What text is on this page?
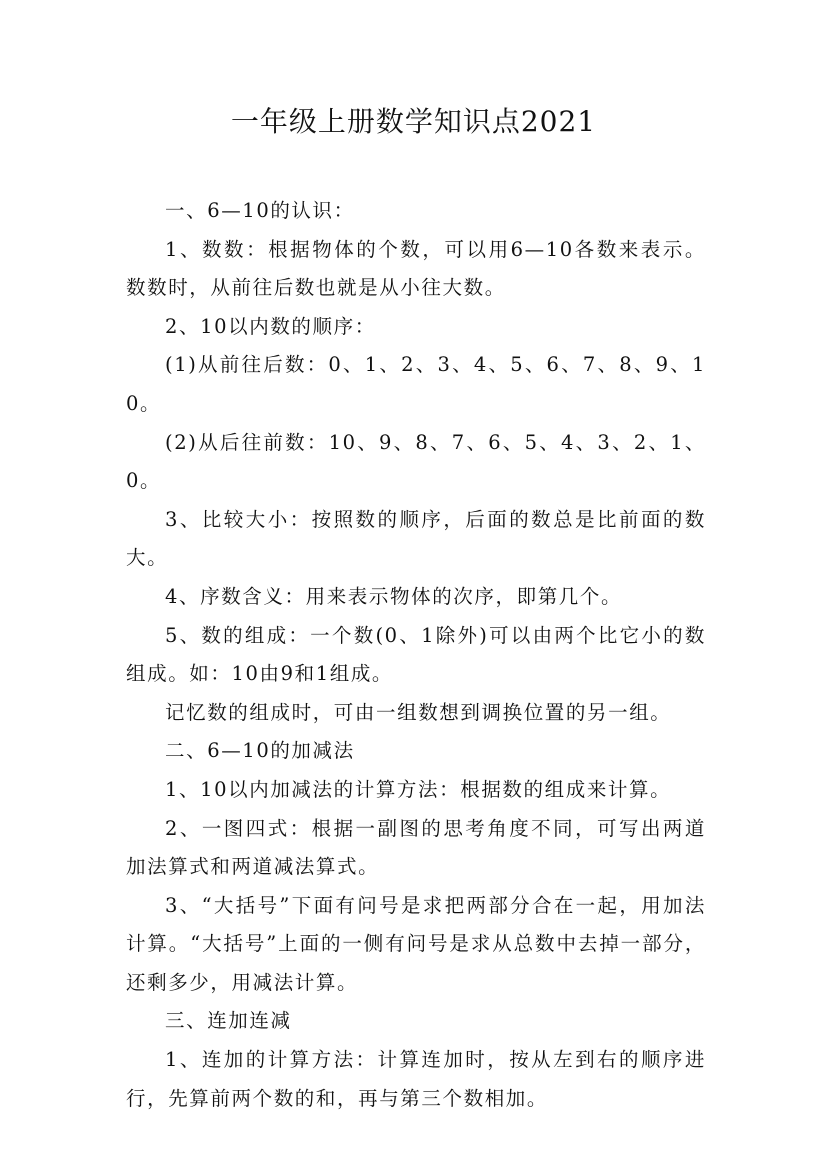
一年级上册数学知识点2021

一、6—10的认识：

1、数数：根据物体的个数，可以用6—10各数来表示。数数时，从前往后数也就是从小往大数。

2、10以内数的顺序：

(1)从前往后数：0、1、2、3、4、5、6、7、8、9、10。

(2)从后往前数：10、9、8、7、6、5、4、3、2、1、0。

3、比较大小：按照数的顺序，后面的数总是比前面的数大。

4、序数含义：用来表示物体的次序，即第几个。

5、数的组成：一个数(0、1除外)可以由两个比它小的数组成。如：10由9和1组成。

记忆数的组成时，可由一组数想到调换位置的另一组。

二、6—10的加减法

1、10以内加减法的计算方法：根据数的组成来计算。

2、一图四式：根据一副图的思考角度不同，可写出两道加法算式和两道减法算式。

3、“大括号”下面有问号是求把两部分合在一起，用加法计算。“大括号”上面的一侧有问号是求从总数中去掉一部分，还剩多少，用减法计算。

三、连加连减

1、连加的计算方法：计算连加时，按从左到右的顺序进行，先算前两个数的和，再与第三个数相加。
